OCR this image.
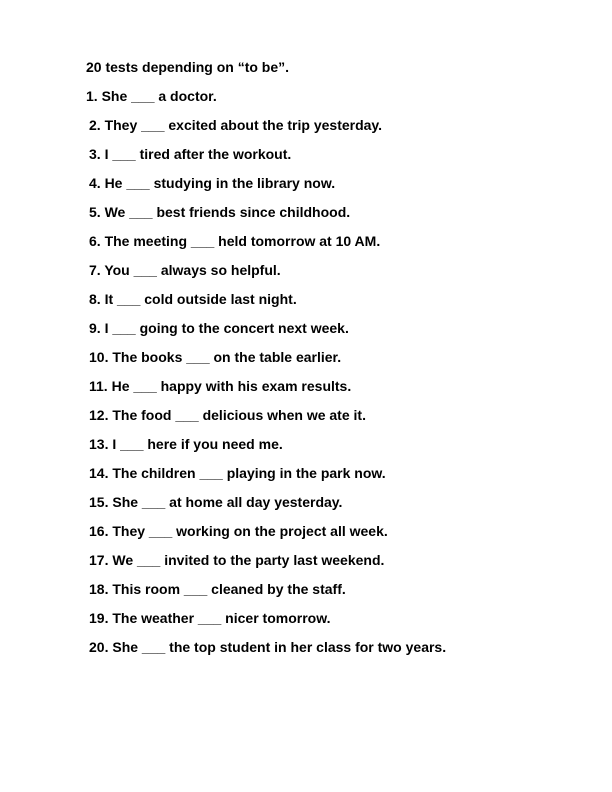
20 tests depending on “to be”.
1. She ___ a doctor.
2. They ___ excited about the trip yesterday.
3. I ___ tired after the workout.
4. He ___ studying in the library now.
5. We ___ best friends since childhood.
6. The meeting ___ held tomorrow at 10 AM.
7. You ___ always so helpful.
8. It ___ cold outside last night.
9. I ___ going to the concert next week.
10. The books ___ on the table earlier.
11. He ___ happy with his exam results.
12. The food ___ delicious when we ate it.
13. I ___ here if you need me.
14. The children ___ playing in the park now.
15. She ___ at home all day yesterday.
16. They ___ working on the project all week.
17. We ___ invited to the party last weekend.
18. This room ___ cleaned by the staff.
19. The weather ___ nicer tomorrow.
20. She ___ the top student in her class for two years.
